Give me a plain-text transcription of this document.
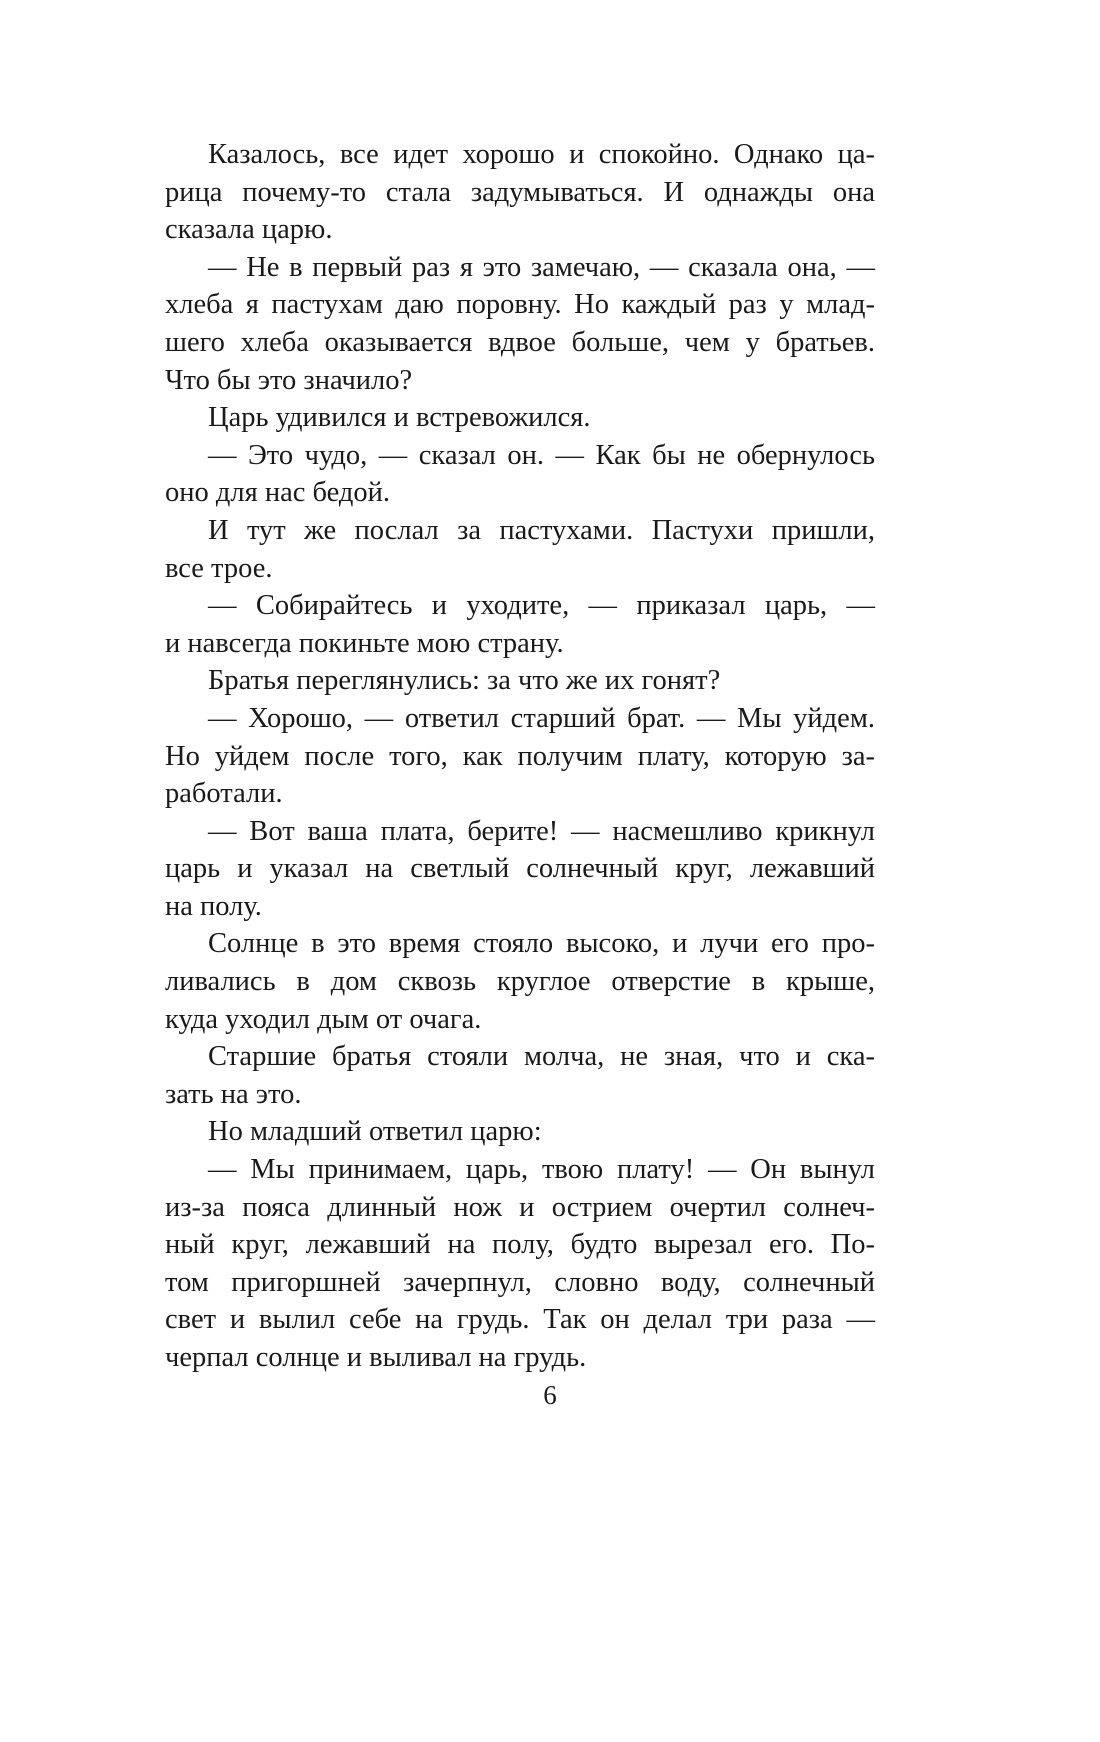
Казалось, все идет хорошо и спокойно. Однако ца-
рица почему-то стала задумываться. И однажды она
сказала царю.
— Не в первый раз я это замечаю, — сказала она, —
хлеба я пастухам даю поровну. Но каждый раз у млад-
шего хлеба оказывается вдвое больше, чем у братьев.
Что бы это значило?
Царь удивился и встревожился.
— Это чудо, — сказал он. — Как бы не обернулось
оно для нас бедой.
И тут же послал за пастухами. Пастухи пришли,
все трое.
— Собирайтесь и уходите, — приказал царь, —
и навсегда покиньте мою страну.
Братья переглянулись: за что же их гонят?
— Хорошо, — ответил старший брат. — Мы уйдем.
Но уйдем после того, как получим плату, которую за-
работали.
— Вот ваша плата, берите! — насмешливо крикнул
царь и указал на светлый солнечный круг, лежавший
на полу.
Солнце в это время стояло высоко, и лучи его про-
ливались в дом сквозь круглое отверстие в крыше,
куда уходил дым от очага.
Старшие братья стояли молча, не зная, что и ска-
зать на это.
Но младший ответил царю:
— Мы принимаем, царь, твою плату! — Он вынул
из-за пояса длинный нож и острием очертил солнеч-
ный круг, лежавший на полу, будто вырезал его. По-
том пригоршней зачерпнул, словно воду, солнечный
свет и вылил себе на грудь. Так он делал три раза —
черпал солнце и выливал на грудь.
6
